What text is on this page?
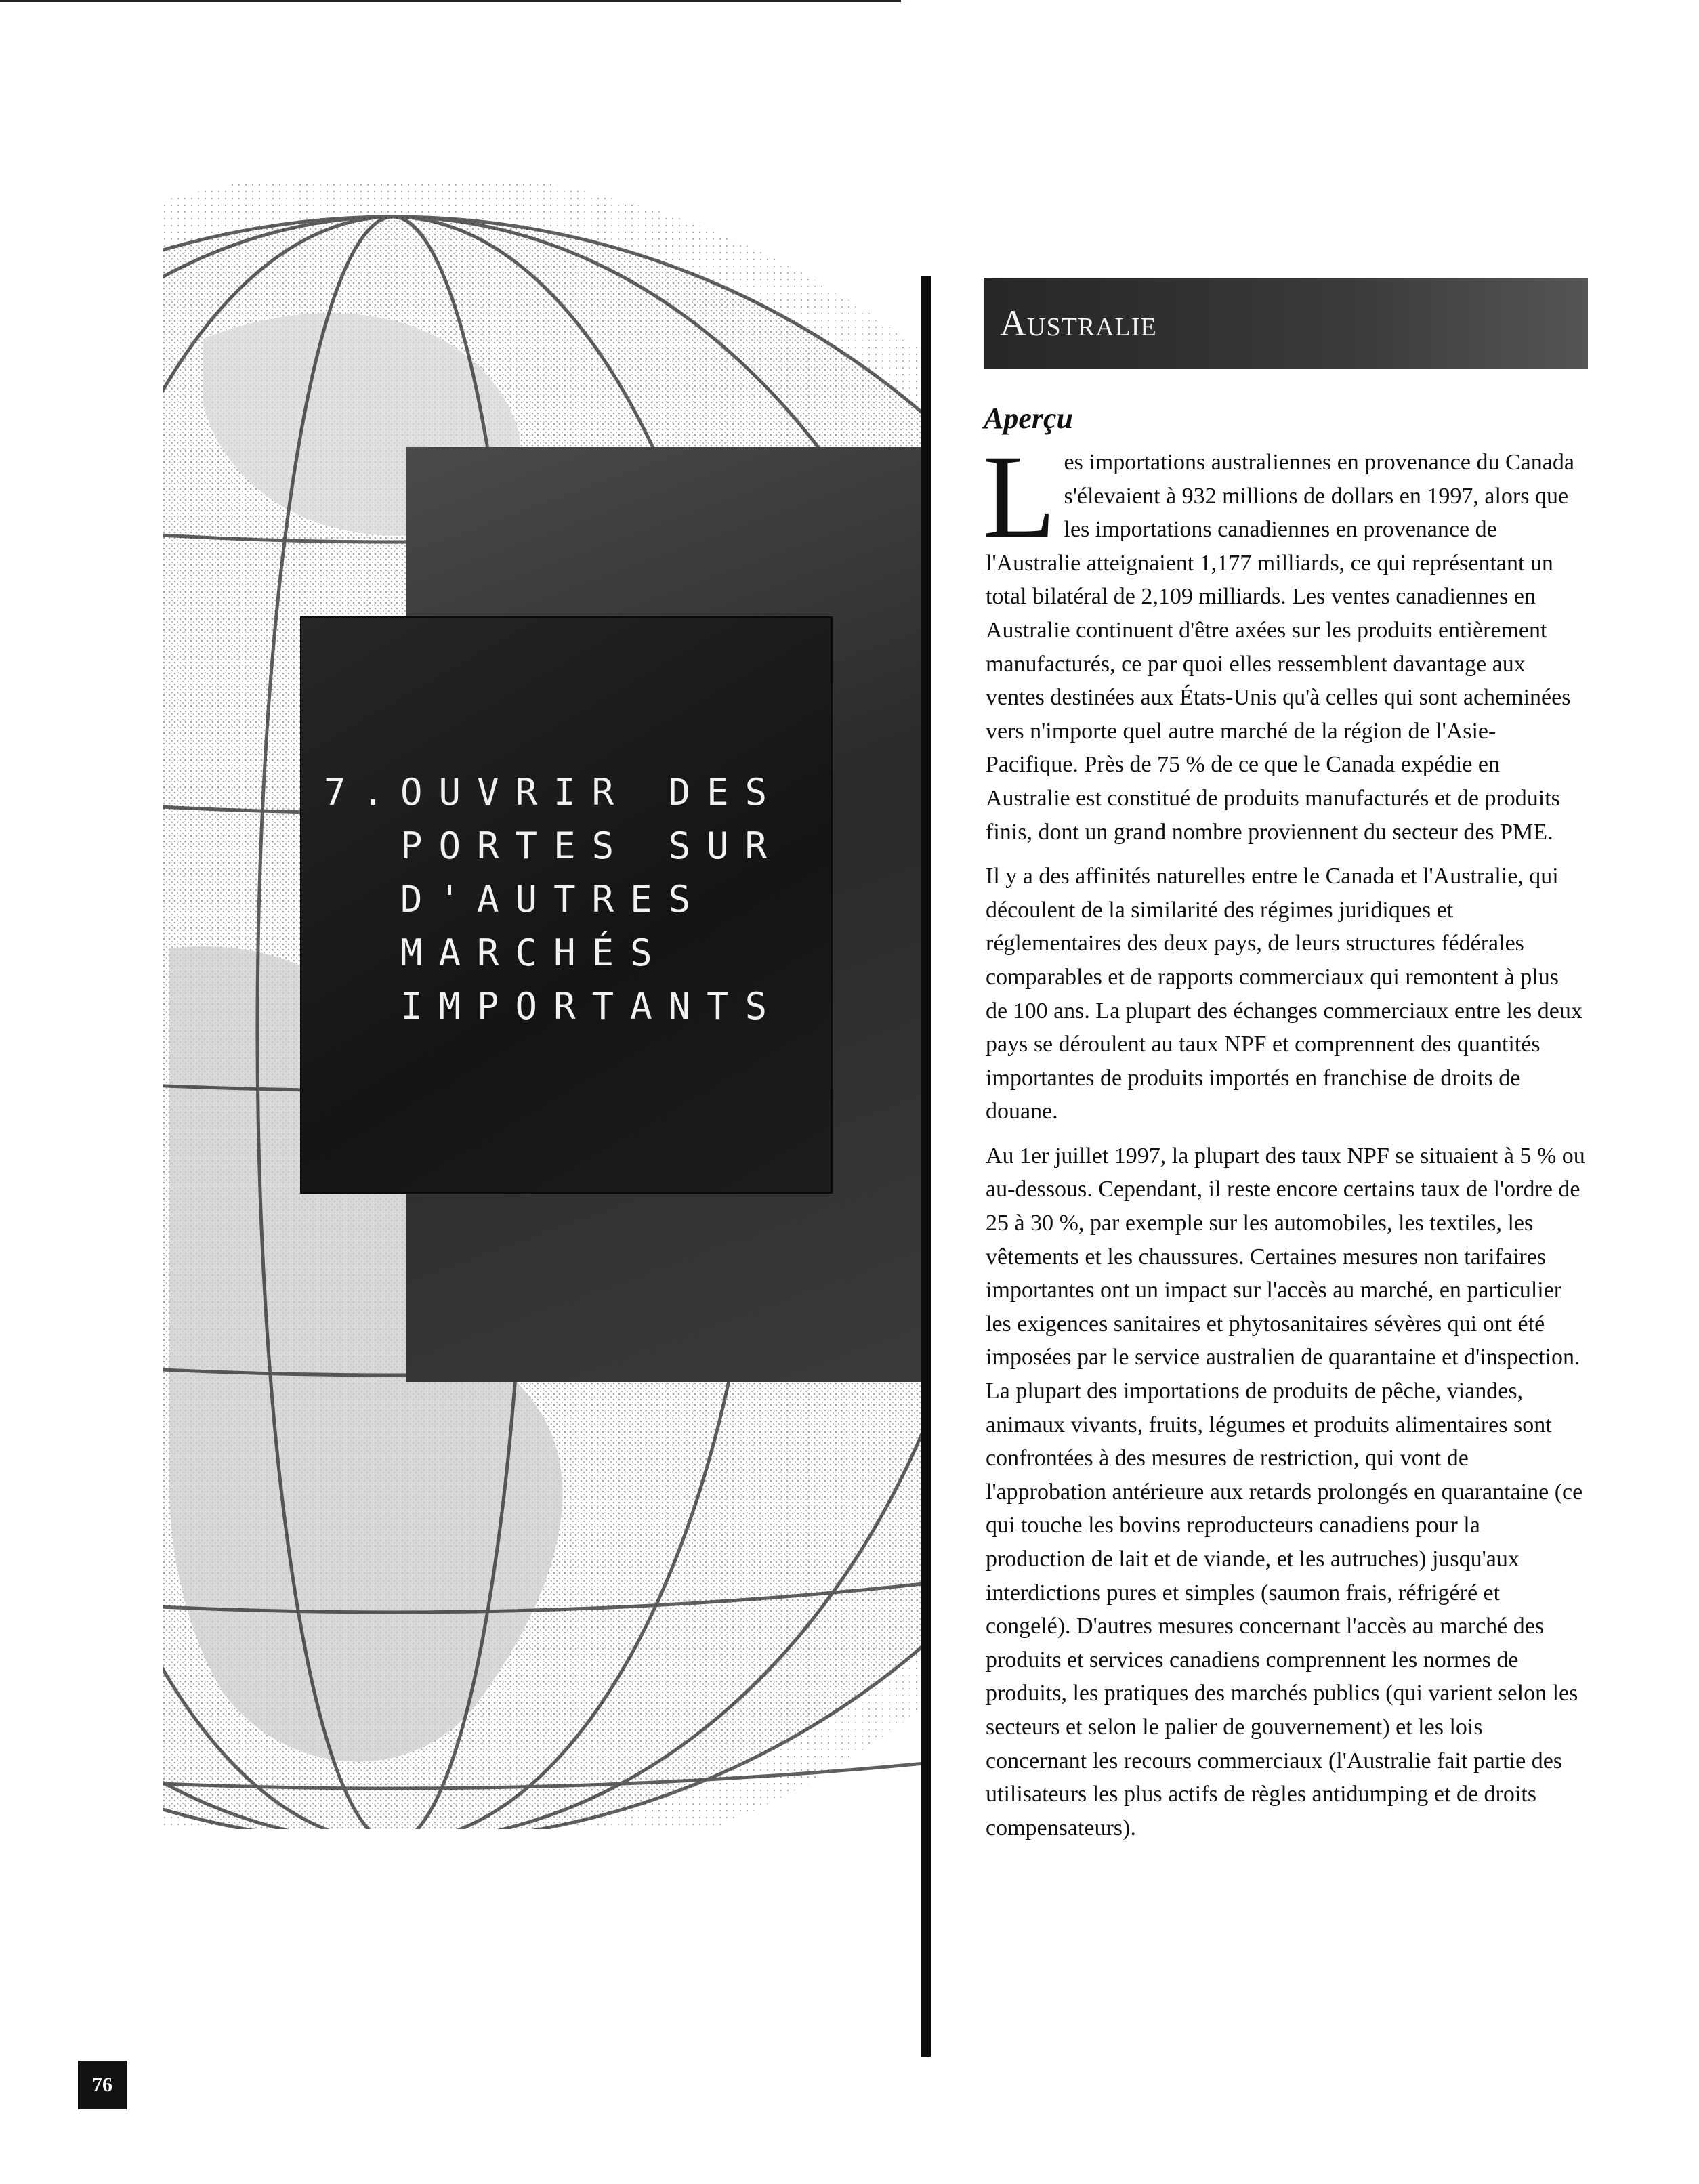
7.OUVRIR DES
PORTES SUR
D'AUTRES
MARCHÉS
IMPORTANTS
Australie
Aperçu

Les importations australiennes en provenance du Canada s'élevaient à 932 millions de dollars en 1997, alors que les importations canadiennes en provenance de l'Australie atteignaient 1,177 milliards, ce qui représentant un total bilatéral de 2,109 milliards. Les ventes canadiennes en Australie continuent d'être axées sur les produits entièrement manufacturés, ce par quoi elles ressemblent davantage aux ventes destinées aux États-Unis qu'à celles qui sont acheminées vers n'importe quel autre marché de la région de l'Asie-Pacifique. Près de 75 % de ce que le Canada expédie en Australie est constitué de produits manufacturés et de produits finis, dont un grand nombre proviennent du secteur des PME.

Il y a des affinités naturelles entre le Canada et l'Australie, qui découlent de la similarité des régimes juridiques et réglementaires des deux pays, de leurs structures fédérales comparables et de rapports commerciaux qui remontent à plus de 100 ans. La plupart des échanges commerciaux entre les deux pays se déroulent au taux NPF et comprennent des quantités importantes de produits importés en franchise de droits de douane.

Au 1er juillet 1997, la plupart des taux NPF se situaient à 5 % ou au-dessous. Cependant, il reste encore certains taux de l'ordre de 25 à 30 %, par exemple sur les automobiles, les textiles, les vêtements et les chaussures. Certaines mesures non tarifaires importantes ont un impact sur l'accès au marché, en particulier les exigences sanitaires et phytosanitaires sévères qui ont été imposées par le service australien de quarantaine et d'inspection. La plupart des importations de produits de pêche, viandes, animaux vivants, fruits, légumes et produits alimentaires sont confrontées à des mesures de restriction, qui vont de l'approbation antérieure aux retards prolongés en quarantaine (ce qui touche les bovins reproducteurs canadiens pour la production de lait et de viande, et les autruches) jusqu'aux interdictions pures et simples (saumon frais, réfrigéré et congelé). D'autres mesures concernant l'accès au marché des produits et services canadiens comprennent les normes de produits, les pratiques des marchés publics (qui varient selon les secteurs et selon le palier de gouvernement) et les lois concernant les recours commerciaux (l'Australie fait partie des utilisateurs les plus actifs de règles antidumping et de droits compensateurs).

76
